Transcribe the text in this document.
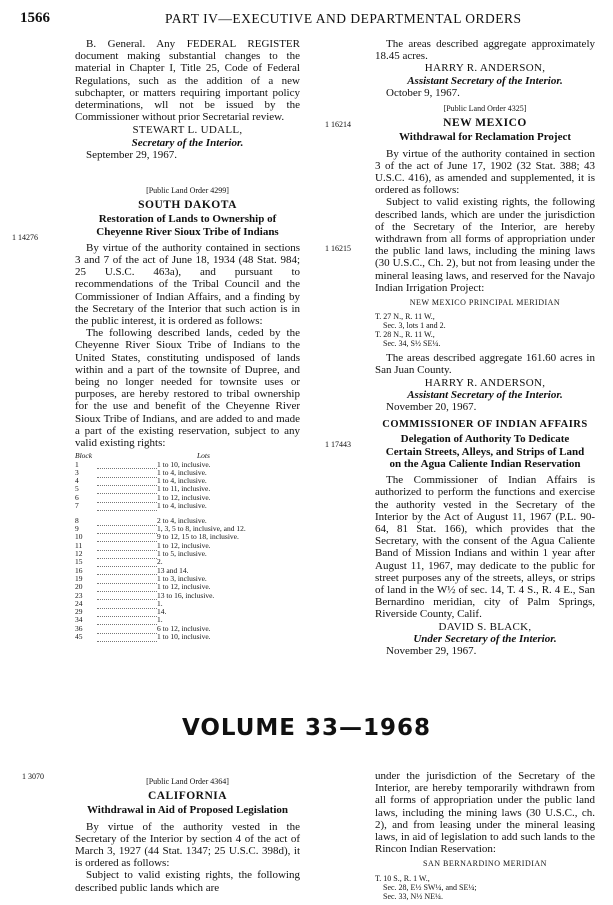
1566	PART IV—EXECUTIVE AND DEPARTMENTAL ORDERS
1 14276
1 16214
1 16215
1 17443
1 3070

B. General. Any FEDERAL REGISTER document making substantial changes to the material in Chapter I, Title 25, Code of Federal Regulations, such as the addition of a new subchapter, or matters requiring important policy determinations, wll not be issued by the Commissioner without prior Secretarial review.

STEWART L. UDALL,
Secretary of the Interior.

September 29, 1967.

[Public Land Order 4299]

SOUTH DAKOTA

Restoration of Lands to Ownership of Cheyenne River Sioux Tribe of Indians

By virtue of the authority contained in sections 3 and 7 of the act of June 18, 1934 (48 Stat. 984; 25 U.S.C. 463a), and pursuant to recommendations of the Tribal Council and the Commissioner of Indian Affairs, and a finding by the Secretary of the Interior that such action is in the public interest, it is ordered as follows:

The following described lands, ceded by the Cheyenne River Sioux Tribe of Indians to the United States, constituting undisposed of lands within and a part of the townsite of Dupree, and being no longer needed for townsite uses or purposes, are hereby restored to tribal ownership for the use and benefit of the Cheyenne River Sioux Tribe of Indians, and are added to and made a part of the existing reservation, subject to any valid existing rights:

Block		Lots
1		1 to 10, inclusive.
3		1 to 4, inclusive.
4		1 to 4, inclusive.
5		1 to 11, inclusive.
6		1 to 12, inclusive.
7		1 to 4, inclusive.

8		2 to 4, inclusive.
9		1, 3, 5 to 8, inclusive, and 12.
10		9 to 12, 15 to 18, inclusive.
11		1 to 12, inclusive.
12		1 to 5, inclusive.
15		2.
16		13 and 14.
19		1 to 3, inclusive.
20		1 to 12, inclusive.
23		13 to 16, inclusive.
24		1.
29		14.
34		1.
36		6 to 12, inclusive.
45		1 to 10, inclusive.

The areas described aggregate approximately 18.45 acres.

HARRY R. ANDERSON,
Assistant Secretary of the Interior.

October 9, 1967.

[Public Land Order 4325]

NEW MEXICO

Withdrawal for Reclamation Project

By virtue of the authority contained in section 3 of the act of June 17, 1902 (32 Stat. 388; 43 U.S.C. 416), as amended and supplemented, it is ordered as follows:

Subject to valid existing rights, the following described lands, which are under the jurisdiction of the Secretary of the Interior, are hereby withdrawn from all forms of appropriation under the public land laws, including the mining laws (30 U.S.C., Ch. 2), but not from leasing under the mineral leasing laws, and reserved for the Navajo Indian Irrigation Project:

NEW MEXICO PRINCIPAL MERIDIAN

T. 27 N., R. 11 W.,
Sec. 3, lots 1 and 2.
T. 28 N., R. 11 W.,
Sec. 34, S½ SE¼.

The areas described aggregate 161.60 acres in San Juan County.

HARRY R. ANDERSON,
Assistant Secretary of the Interior.

November 20, 1967.

COMMISSIONER OF INDIAN AFFAIRS

Delegation of Authority To Dedicate Certain Streets, Alleys, and Strips of Land on the Agua Caliente Indian Reservation

The Commissioner of Indian Affairs is authorized to perform the functions and exercise the authority vested in the Secretary of the Interior by the Act of August 11, 1967 (P.L. 90-64, 81 Stat. 166), which provides that the Secretary, with the consent of the Agua Caliente Band of Mission Indians and within 1 year after August 11, 1967, may dedicate to the public for street purposes any of the streets, alleys, or strips of land in the W½ of sec. 14, T. 4 S., R. 4 E., San Bernardino meridian, city of Palm Springs, Riverside County, Calif.

DAVID S. BLACK,
Under Secretary of the Interior.

November 29, 1967.

VOLUME 33—1968

[Public Land Order 4364]

CALIFORNIA

Withdrawal in Aid of Proposed Legislation

By virtue of the authority vested in the Secretary of the Interior by section 4 of the act of March 3, 1927 (44 Stat. 1347; 25 U.S.C. 398d), it is ordered as follows:

Subject to valid existing rights, the following described public lands which are

under the jurisdiction of the Secretary of the Interior, are hereby temporarily withdrawn from all forms of appropriation under the public land laws, including the mining laws (30 U.S.C., ch. 2), and from leasing under the mineral leasing laws, in aid of legislation to add such lands to the Rincon Indian Reservation:

SAN BERNARDINO MERIDIAN

T. 10 S., R. 1 W.,
Sec. 28, E½ SW¼, and SE¼;
Sec. 33, N½ NE¼.
